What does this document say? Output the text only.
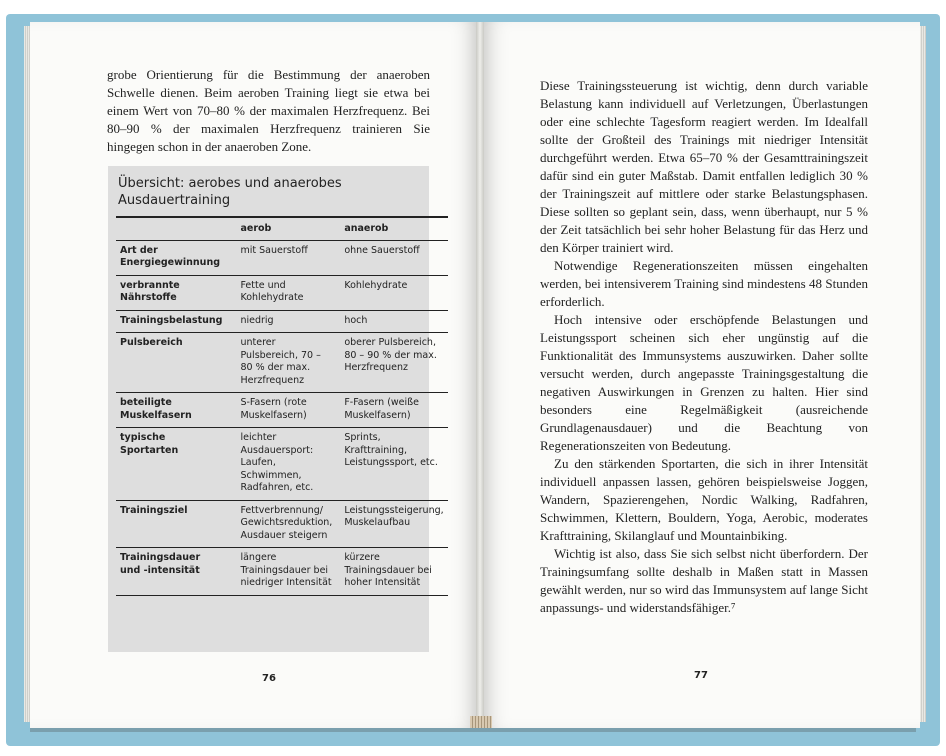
grobe Orientierung für die Bestimmung der anaeroben Schwelle dienen. Beim aeroben Training liegt sie etwa bei einem Wert von 70–80 % der maximalen Herzfrequenz. Bei 80–90 % der maximalen Herzfrequenz trainieren Sie hingegen schon in der anaeroben Zone.

Übersicht: aerobes und anaerobes Ausdauertraining
	aerob	anaerob
Art der Energiegewinnung	mit Sauerstoff	ohne Sauerstoff
verbrannte Nährstoffe	Fette und Kohlehydrate	Kohlehydrate
Trainingsbelastung	niedrig	hoch
Pulsbereich	unterer Pulsbereich, 70 – 80 % der max. Herzfrequenz	oberer Pulsbereich, 80 – 90 % der max. Herzfrequenz
beteiligte Muskelfasern	S-Fasern (rote Muskelfasern)	F-Fasern (weiße Muskelfasern)
typische Sportarten	leichter Ausdauersport: Laufen, Schwimmen, Radfahren, etc.	Sprints, Krafttraining, Leistungssport, etc.
Trainingsziel	Fettverbrennung/ Gewichtsreduktion, Ausdauer steigern	Leistungssteigerung, Muskelaufbau
Trainingsdauer und -intensität	längere Trainingsdauer bei niedriger Intensität	kürzere Trainingsdauer bei hoher Intensität
76

Diese Trainingssteuerung ist wichtig, denn durch variable Belastung kann individuell auf Verletzungen, Überlastungen oder eine schlechte Tagesform reagiert werden. Im Idealfall sollte der Großteil des Trainings mit niedriger Intensität durchgeführt werden. Etwa 65–70 % der Gesamttrainingszeit dafür sind ein guter Maßstab. Damit entfallen lediglich 30 % der Trainingszeit auf mittlere oder starke Belastungsphasen. Diese sollten so geplant sein, dass, wenn überhaupt, nur 5 % der Zeit tatsächlich bei sehr hoher Belastung für das Herz und den Körper trainiert wird.

Notwendige Regenerationszeiten müssen eingehalten werden, bei intensiverem Training sind mindestens 48 Stunden erforderlich.

Hoch intensive oder erschöpfende Belastungen und Leistungssport scheinen sich eher ungünstig auf die Funktionalität des Immunsystems auszuwirken. Daher sollte versucht werden, durch angepasste Trainingsgestaltung die negativen Auswirkungen in Grenzen zu halten. Hier sind besonders eine Regelmäßigkeit (ausreichende Grundlagenausdauer) und die Beachtung von Regenerationszeiten von Bedeutung.

Zu den stärkenden Sportarten, die sich in ihrer Intensität individuell anpassen lassen, gehören beispielsweise Joggen, Wandern, Spazierengehen, Nordic Walking, Radfahren, Schwimmen, Klettern, Bouldern, Yoga, Aerobic, moderates Krafttraining, Skilanglauf und Mountainbiking.

Wichtig ist also, dass Sie sich selbst nicht überfordern. Der Trainingsumfang sollte deshalb in Maßen statt in Massen gewählt werden, nur so wird das Immunsystem auf lange Sicht anpassungs- und widerstandsfähiger.⁷

77
